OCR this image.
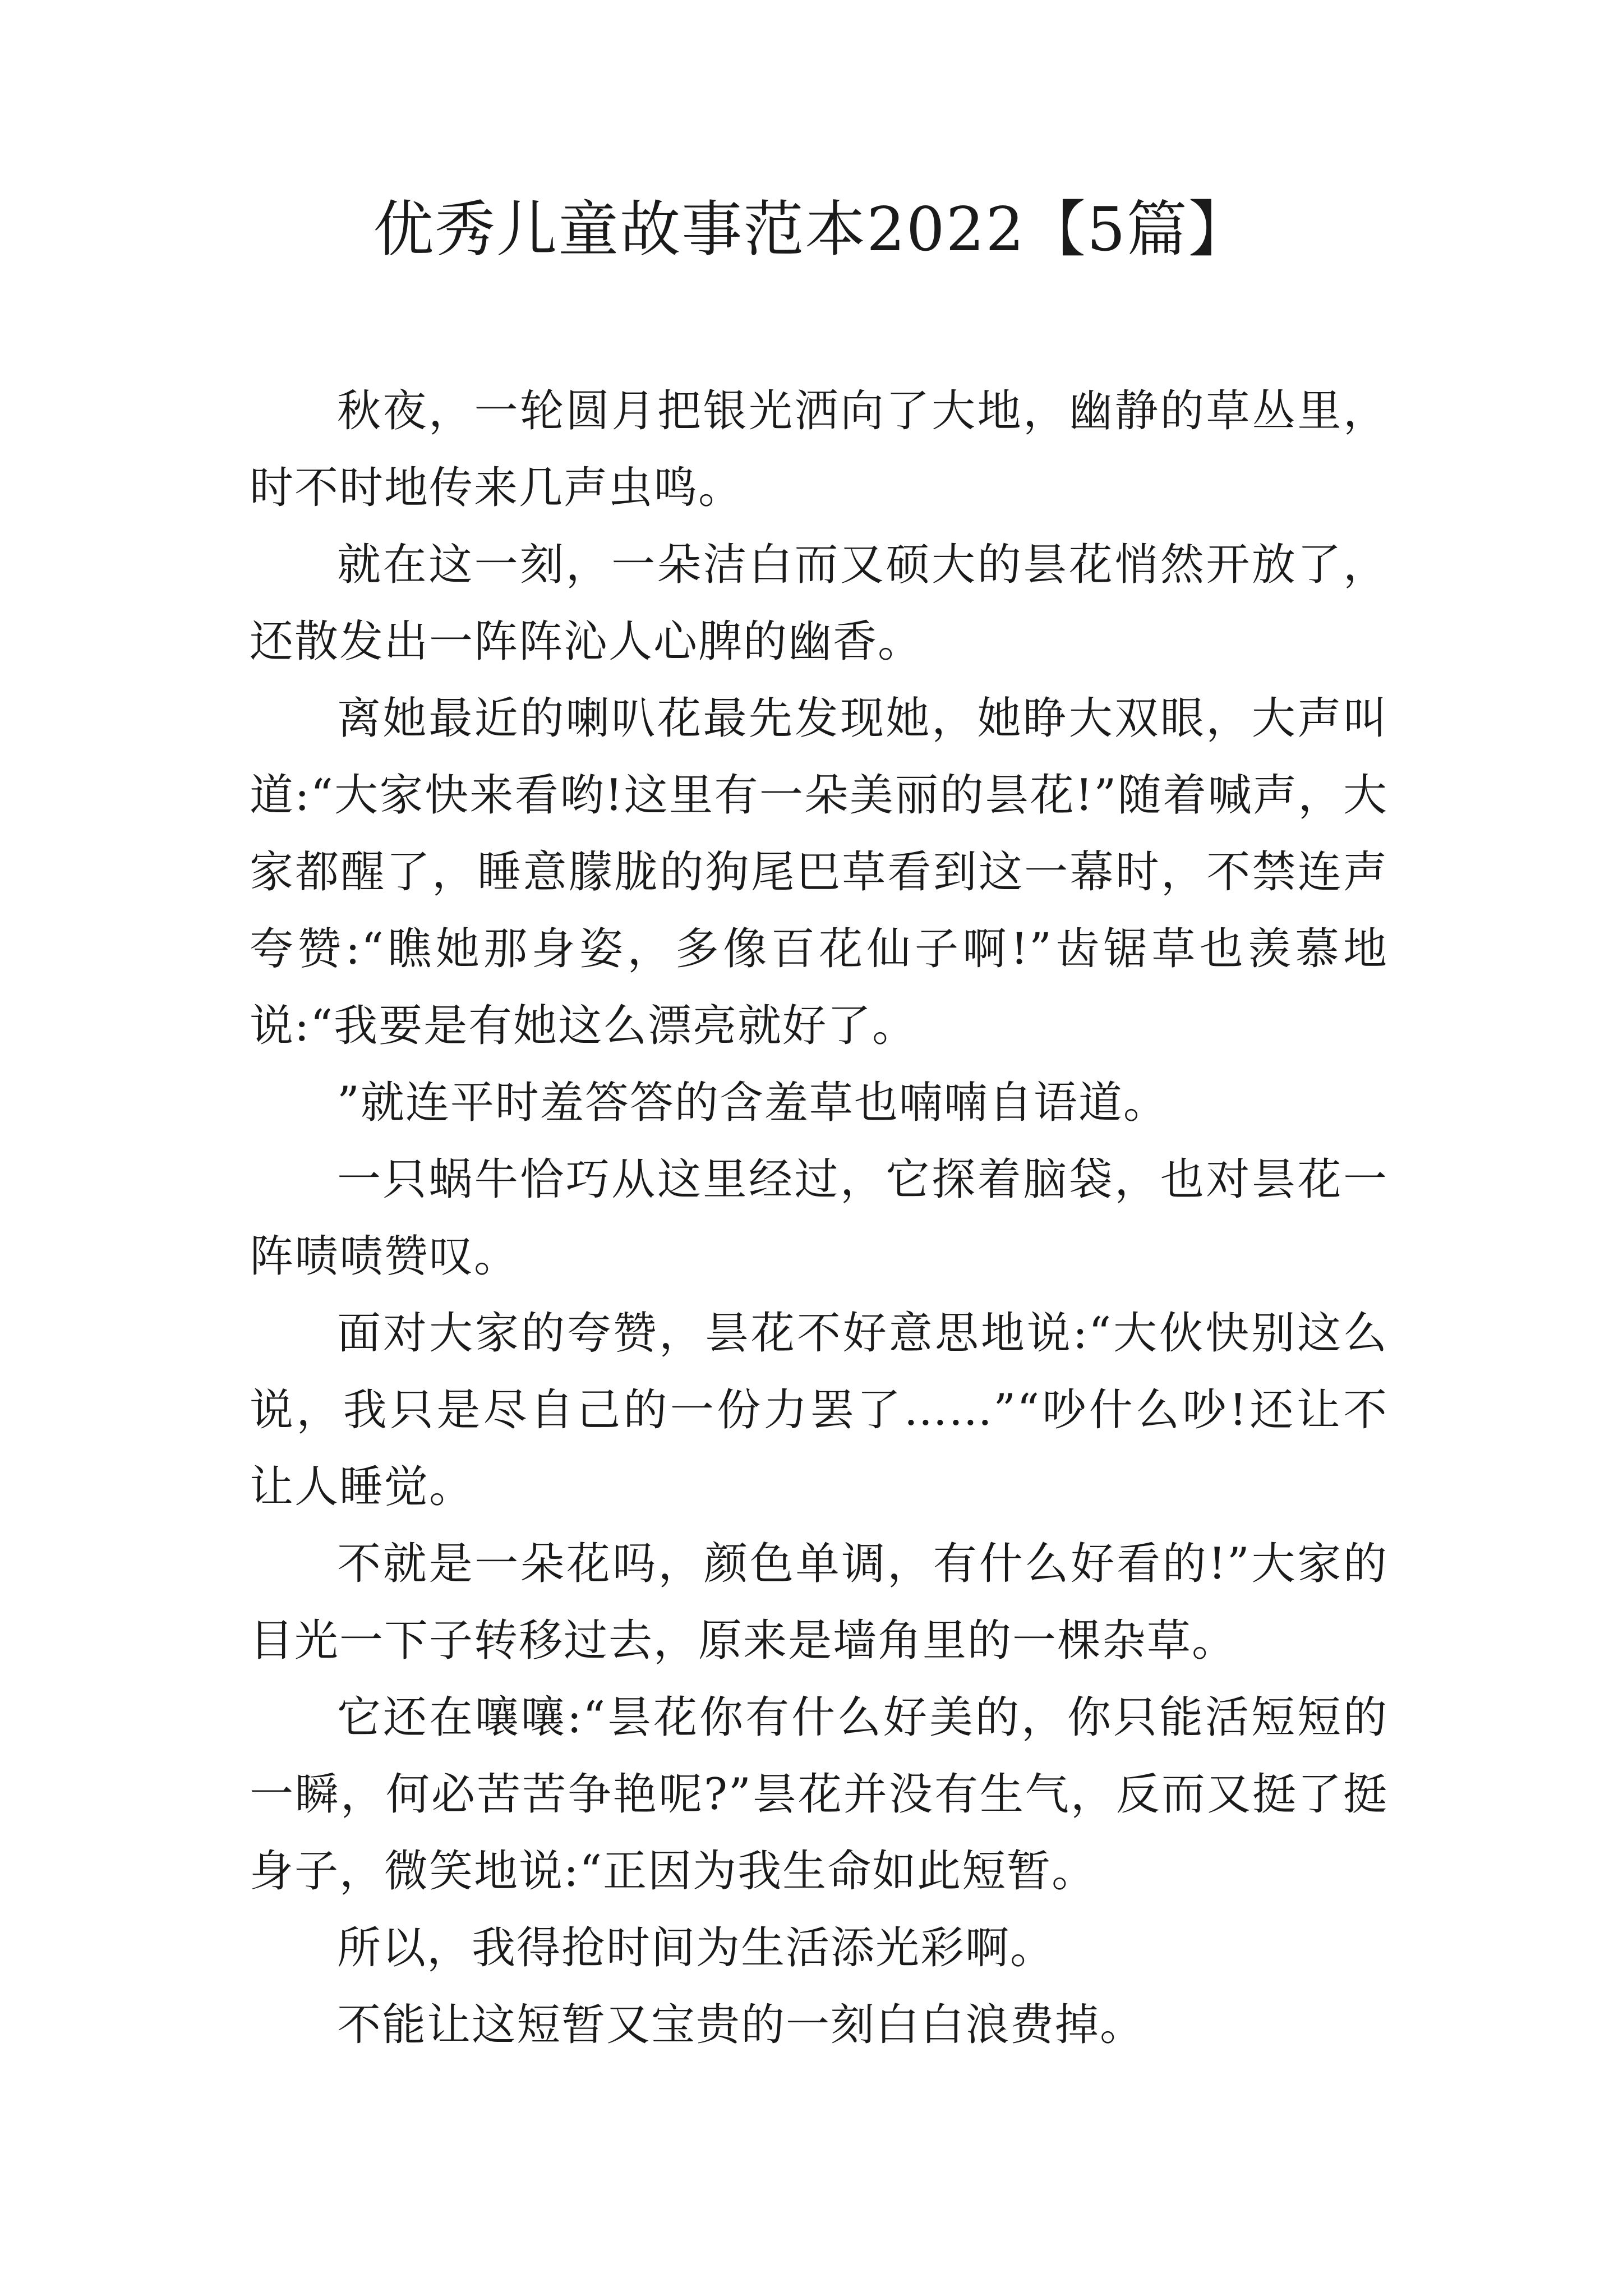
优秀儿童故事范本2022【5篇】

秋夜，一轮圆月把银光洒向了大地，幽静的草丛里，时不时地传来几声虫鸣。

就在这一刻，一朵洁白而又硕大的昙花悄然开放了，还散发出一阵阵沁人心脾的幽香。

离她最近的喇叭花最先发现她，她睁大双眼，大声叫道:“大家快来看哟!这里有一朵美丽的昙花!”随着喊声，大家都醒了，睡意朦胧的狗尾巴草看到这一幕时，不禁连声夸赞:“瞧她那身姿，多像百花仙子啊!”齿锯草也羡慕地说:“我要是有她这么漂亮就好了。

”就连平时羞答答的含羞草也喃喃自语道。

一只蜗牛恰巧从这里经过，它探着脑袋，也对昙花一阵啧啧赞叹。

面对大家的夸赞，昙花不好意思地说:“大伙快别这么说，我只是尽自己的一份力罢了……”“吵什么吵!还让不让人睡觉。

不就是一朵花吗，颜色单调，有什么好看的!”大家的目光一下子转移过去，原来是墙角里的一棵杂草。

它还在嚷嚷:“昙花你有什么好美的，你只能活短短的一瞬，何必苦苦争艳呢?”昙花并没有生气，反而又挺了挺身子，微笑地说:“正因为我生命如此短暂。

所以，我得抢时间为生活添光彩啊。

不能让这短暂又宝贵的一刻白白浪费掉。
